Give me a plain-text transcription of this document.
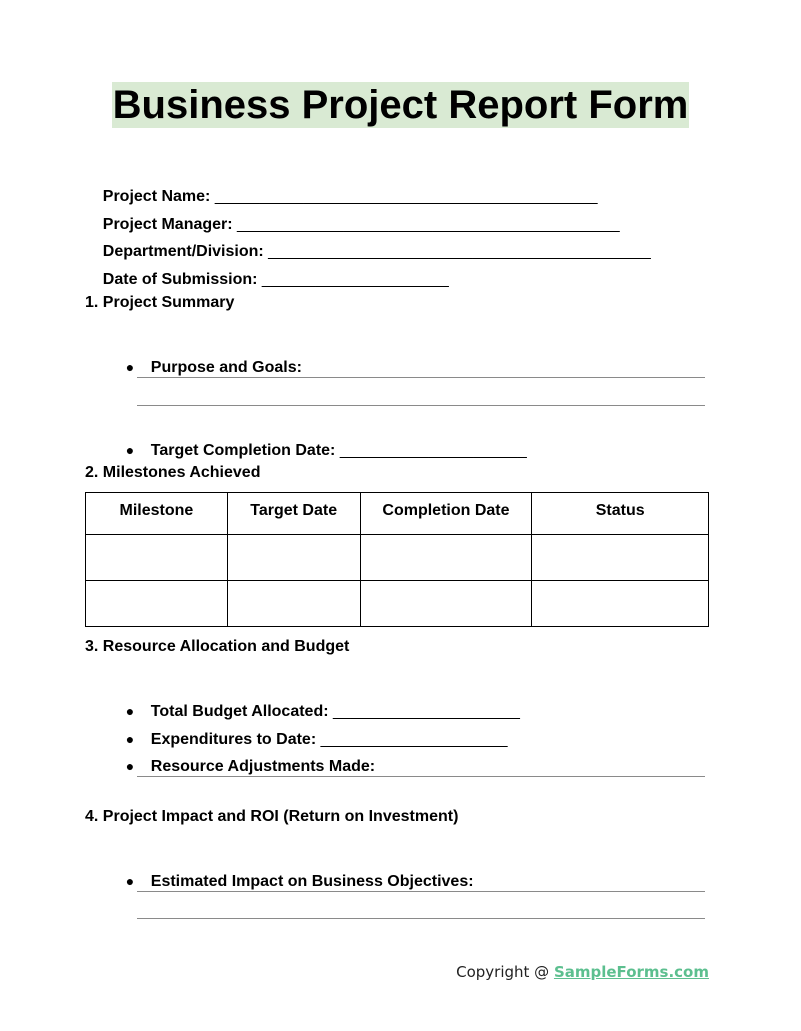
Business Project Report Form

Project Name: ___________________________________________

Project Manager: ___________________________________________

Department/Division: ___________________________________________

Date of Submission: _____________________

1. Project Summary

● Purpose and Goals:

● Target Completion Date: _____________________

2. Milestones Achieved
Milestone	Target Date	Completion Date	Status

3. Resource Allocation and Budget

● Total Budget Allocated: _____________________

● Expenditures to Date: _____________________

● Resource Adjustments Made:

4. Project Impact and ROI (Return on Investment)

● Estimated Impact on Business Objectives:

Copyright @ SampleForms.com
